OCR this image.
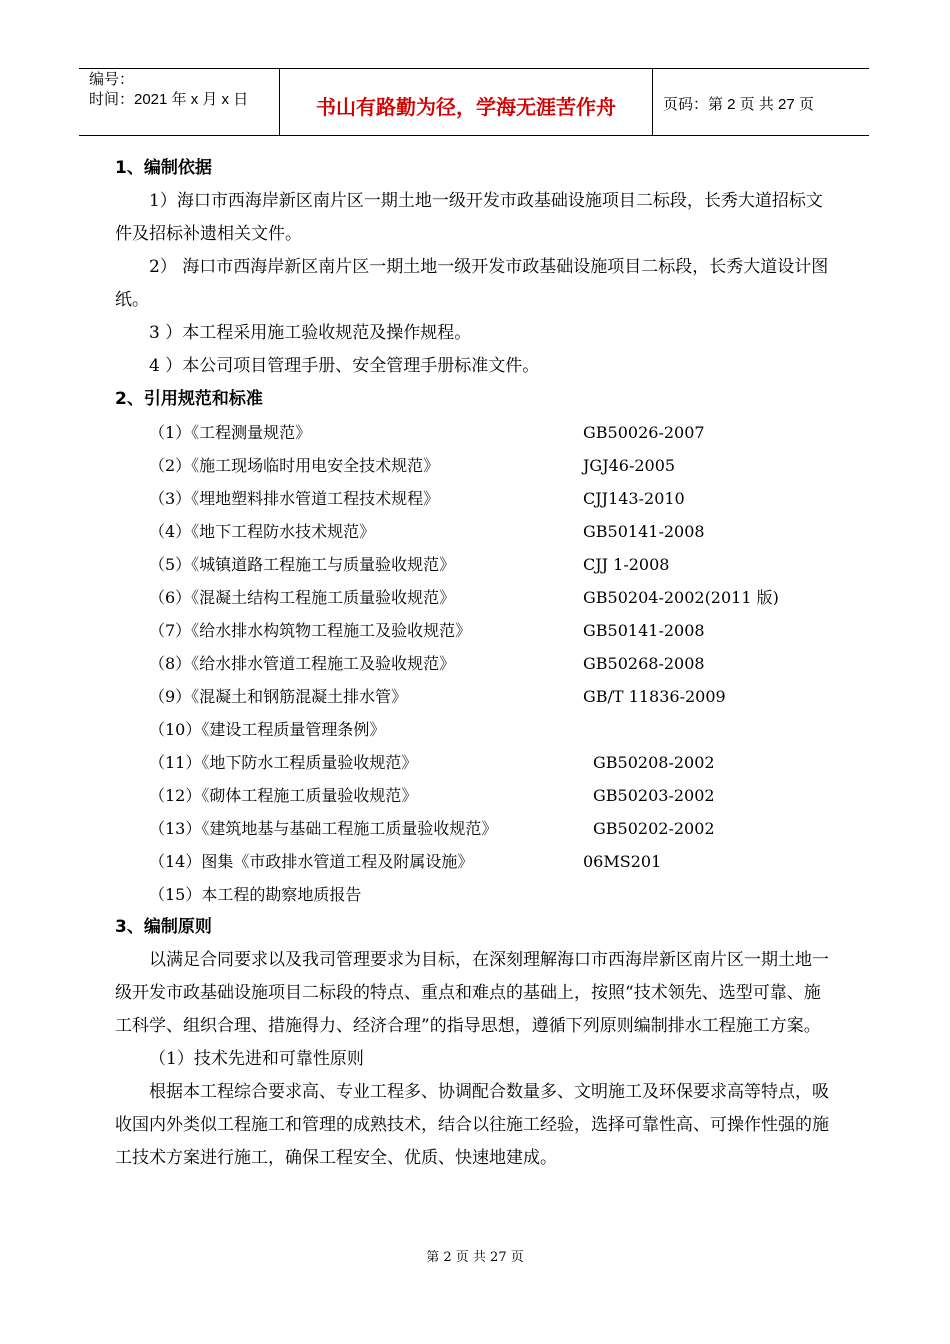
编号：
时间：2021 年 x 月 x 日	书山有路勤为径，学海无涯苦作舟	页码：第 2 页 共 27 页
1、编制依据

1）海口市西海岸新区南片区一期土地一级开发市政基础设施项目二标段，长秀大道招标文件及招标补遗相关文件。

2） 海口市西海岸新区南片区一期土地一级开发市政基础设施项目二标段，长秀大道设计图纸。

3 ）本工程采用施工验收规范及操作规程。

4 ）本公司项目管理手册、安全管理手册标准文件。

2、引用规范和标准
（1）《工程测量规范》	GB50026-2007
（2）《施工现场临时用电安全技术规范》	JGJ46-2005
（3）《埋地塑料排水管道工程技术规程》	CJJ143-2010
（4）《地下工程防水技术规范》	GB50141-2008
（5）《城镇道路工程施工与质量验收规范》	CJJ 1-2008
（6）《混凝土结构工程施工质量验收规范》	GB50204-2002(2011 版)
（7）《给水排水构筑物工程施工及验收规范》	GB50141-2008
（8）《给水排水管道工程施工及验收规范》	GB50268-2008
（9）《混凝土和钢筋混凝土排水管》	GB/T 11836-2009
（10）《建设工程质量管理条例》
（11）《地下防水工程质量验收规范》	GB50208-2002
（12）《砌体工程施工质量验收规范》	GB50203-2002
（13）《建筑地基与基础工程施工质量验收规范》	GB50202-2002
（14）图集《市政排水管道工程及附属设施》	06MS201
（15）本工程的勘察地质报告
3、编制原则

以满足合同要求以及我司管理要求为目标，在深刻理解海口市西海岸新区南片区一期土地一级开发市政基础设施项目二标段的特点、重点和难点的基础上，按照“技术领先、选型可靠、施工科学、组织合理、措施得力、经济合理”的指导思想，遵循下列原则编制排水工程施工方案。

（1）技术先进和可靠性原则

根据本工程综合要求高、专业工程多、协调配合数量多、文明施工及环保要求高等特点，吸收国内外类似工程施工和管理的成熟技术，结合以往施工经验，选择可靠性高、可操作性强的施工技术方案进行施工，确保工程安全、优质、快速地建成。

第 2 页 共 27 页
